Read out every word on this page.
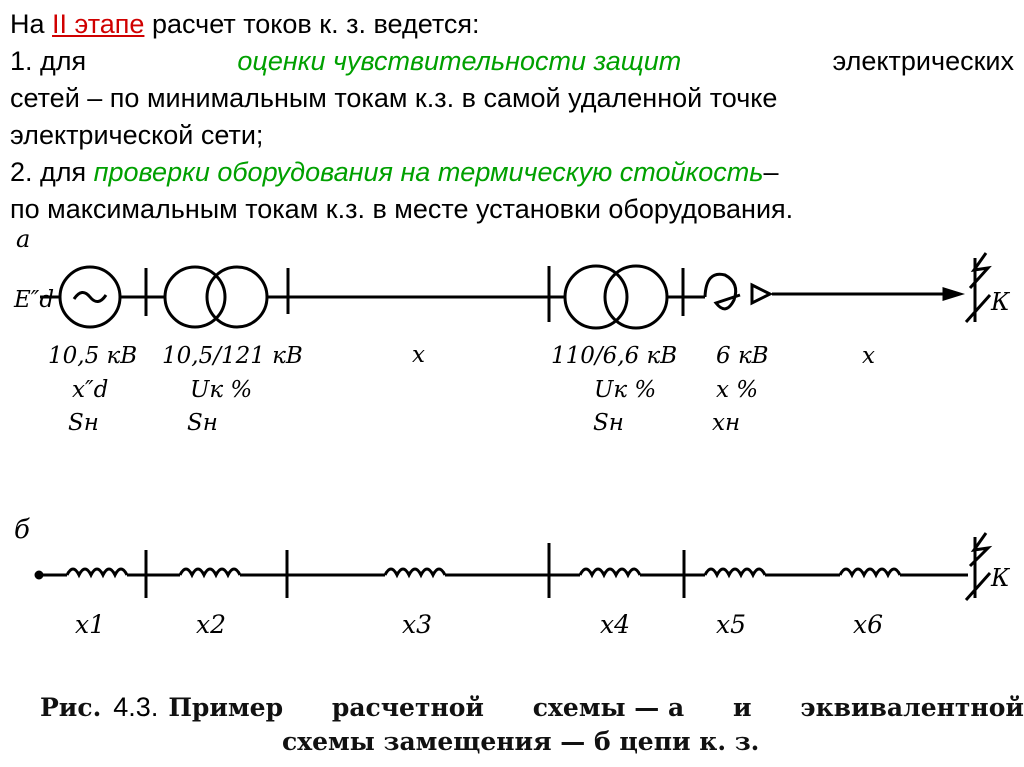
На II этапе расчет токов к. з. ведется:
1. для	оценки чувствительности защит	электрических
сетей – по минимальным токам к.з. в самой удаленной точке
электрической сети;
2. для проверки оборудования на термическую стойкость–
по максимальным токам к.з. в месте установки оборудования.
а
E″d	К
10,5 кВ
x″d
Sн
10,5/121 кВ
Uк %
Sн
x	110/6,6 кВ
Uк %
Sн
6 кВ
x %
xн
x
б
К
x1	x2	x3	x4	x5	x6
Рис. 4.3. Пример расчетной схемы — а и эквивалентной
схемы замещения — б цепи к. з.
